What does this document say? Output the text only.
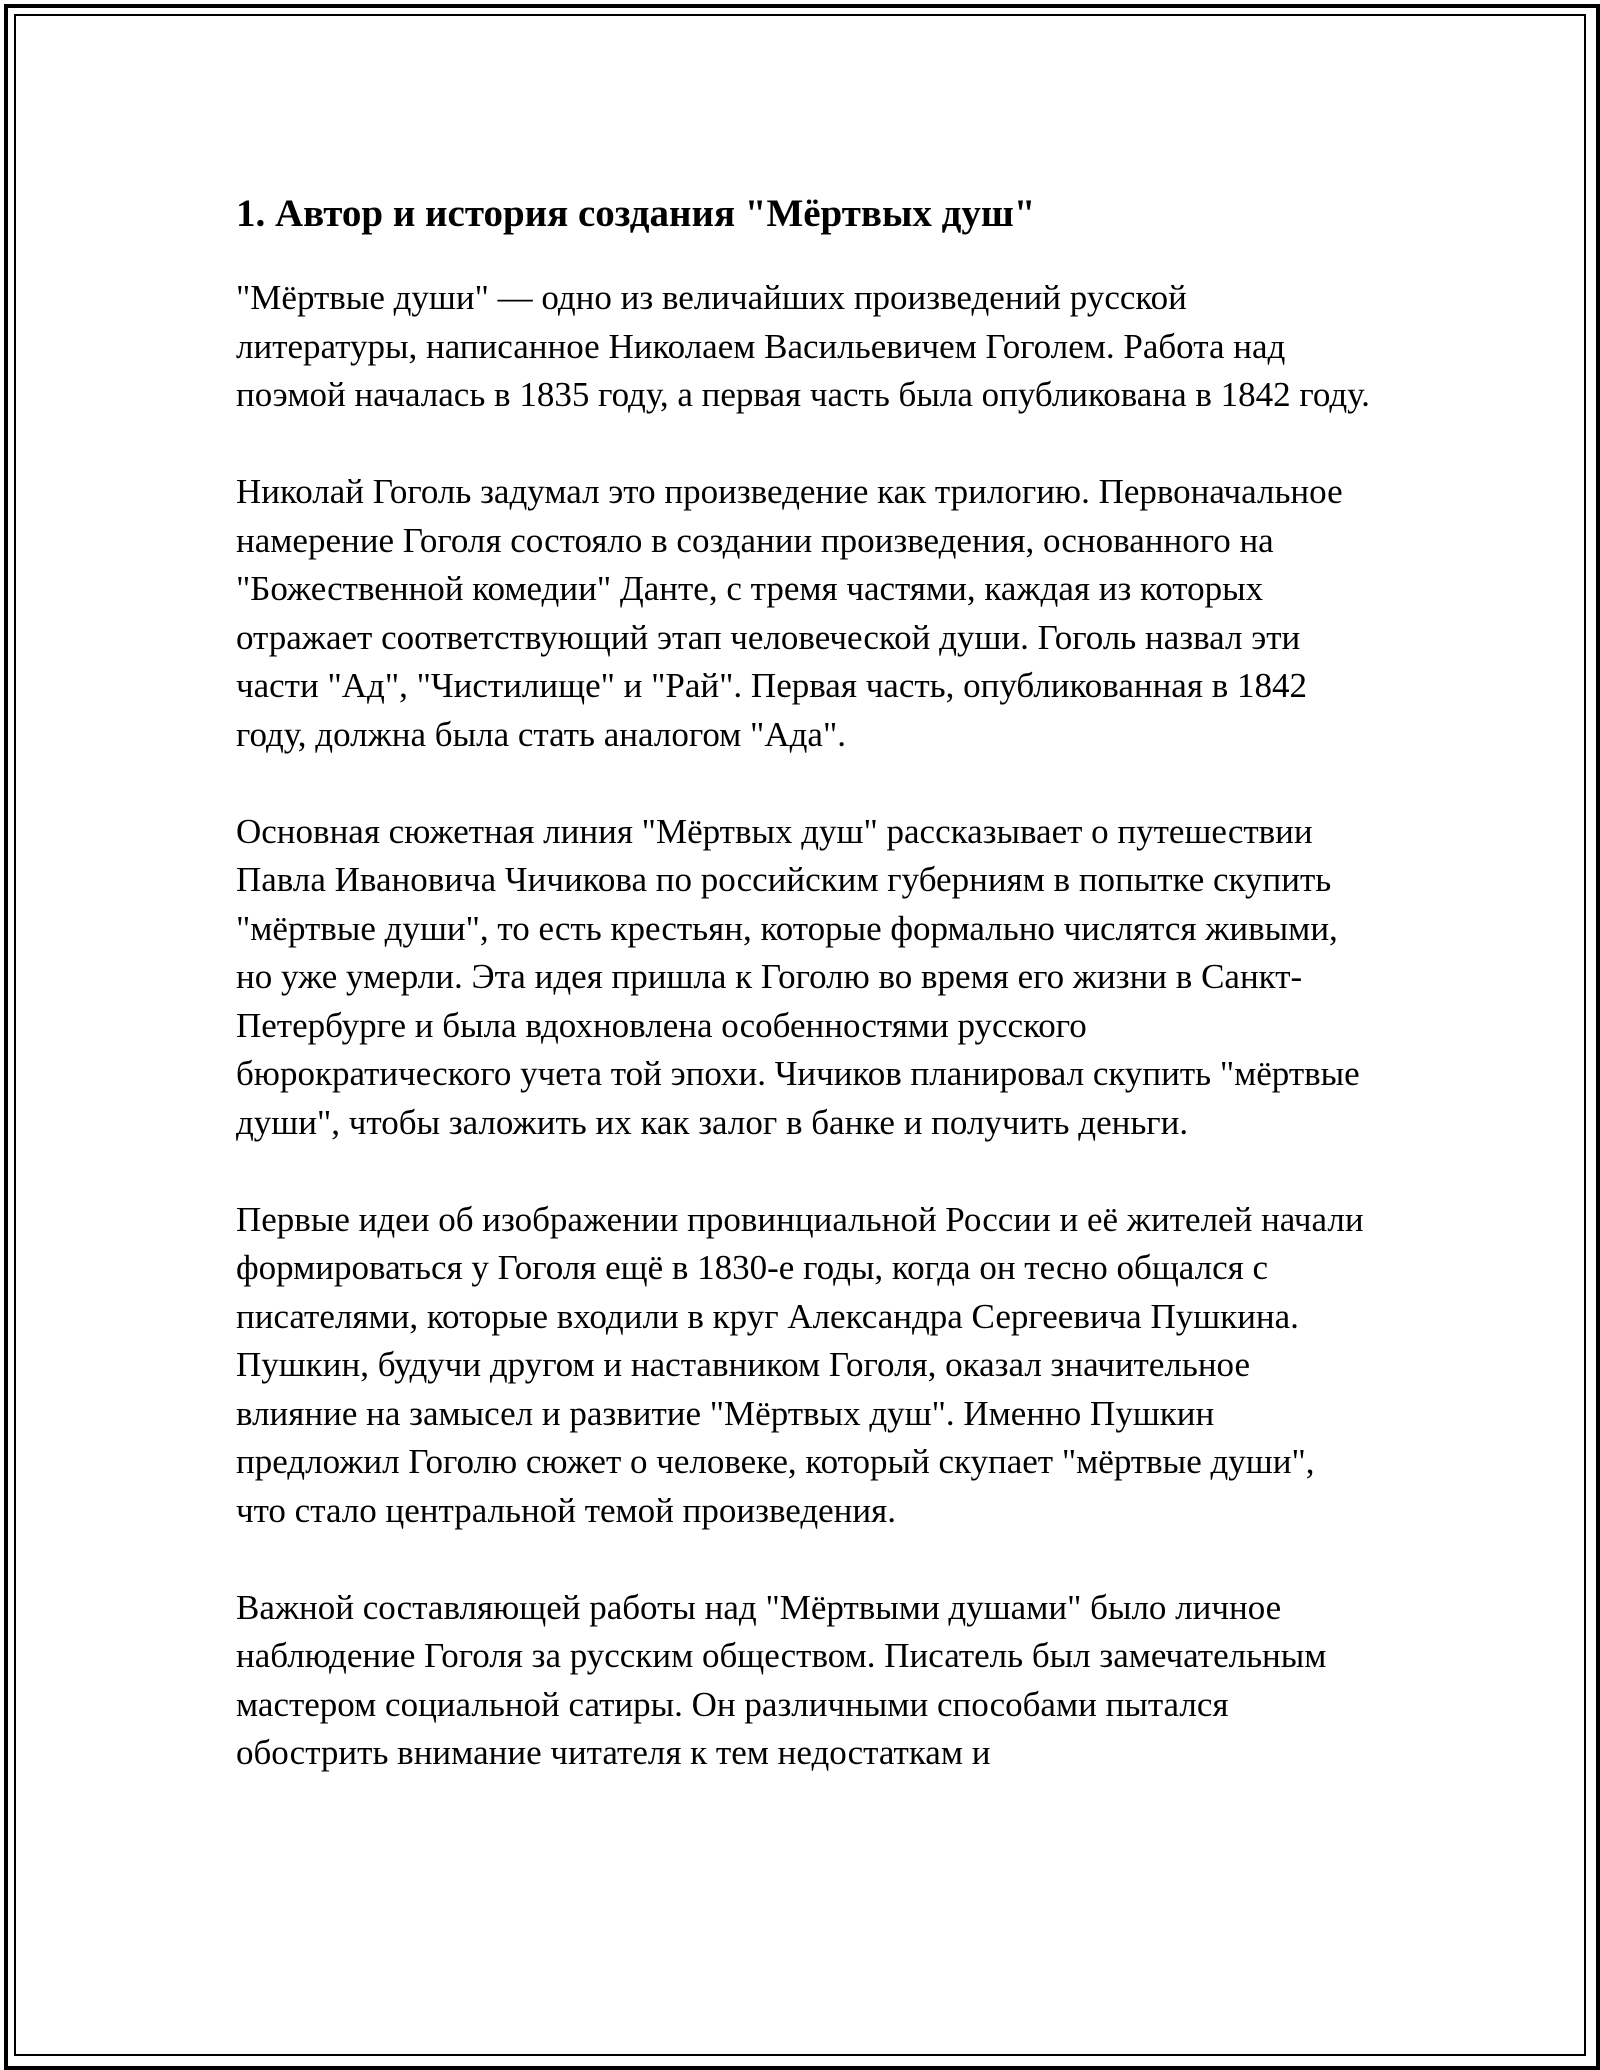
1. Автор и история создания "Мёртвых душ"

"Мёртвые души" — одно из величайших произведений русской литературы, написанное Николаем Васильевичем Гоголем. Работа над поэмой началась в 1835 году, а первая часть была опубликована в 1842 году.

Николай Гоголь задумал это произведение как трилогию. Первоначальное намерение Гоголя состояло в создании произведения, основанного на "Божественной комедии" Данте, с тремя частями, каждая из которых отражает соответствующий этап человеческой души. Гоголь назвал эти части "Ад", "Чистилище" и "Рай". Первая часть, опубликованная в 1842 году, должна была стать аналогом "Ада".

Основная сюжетная линия "Мёртвых душ" рассказывает о путешествии Павла Ивановича Чичикова по российским губерниям в попытке скупить "мёртвые души", то есть крестьян, которые формально числятся живыми, но уже умерли. Эта идея пришла к Гоголю во время его жизни в Санкт-Петербурге и была вдохновлена особенностями русского бюрократического учета той эпохи. Чичиков планировал скупить "мёртвые души", чтобы заложить их как залог в банке и получить деньги.

Первые идеи об изображении провинциальной России и её жителей начали формироваться у Гоголя ещё в 1830-е годы, когда он тесно общался с писателями, которые входили в круг Александра Сергеевича Пушкина. Пушкин, будучи другом и наставником Гоголя, оказал значительное влияние на замысел и развитие "Мёртвых душ". Именно Пушкин предложил Гоголю сюжет о человеке, который скупает "мёртвые души", что стало центральной темой произведения.

Важной составляющей работы над "Мёртвыми душами" было личное наблюдение Гоголя за русским обществом. Писатель был замечательным мастером социальной сатиры. Он различными способами пытался обострить внимание читателя к тем недостаткам и
